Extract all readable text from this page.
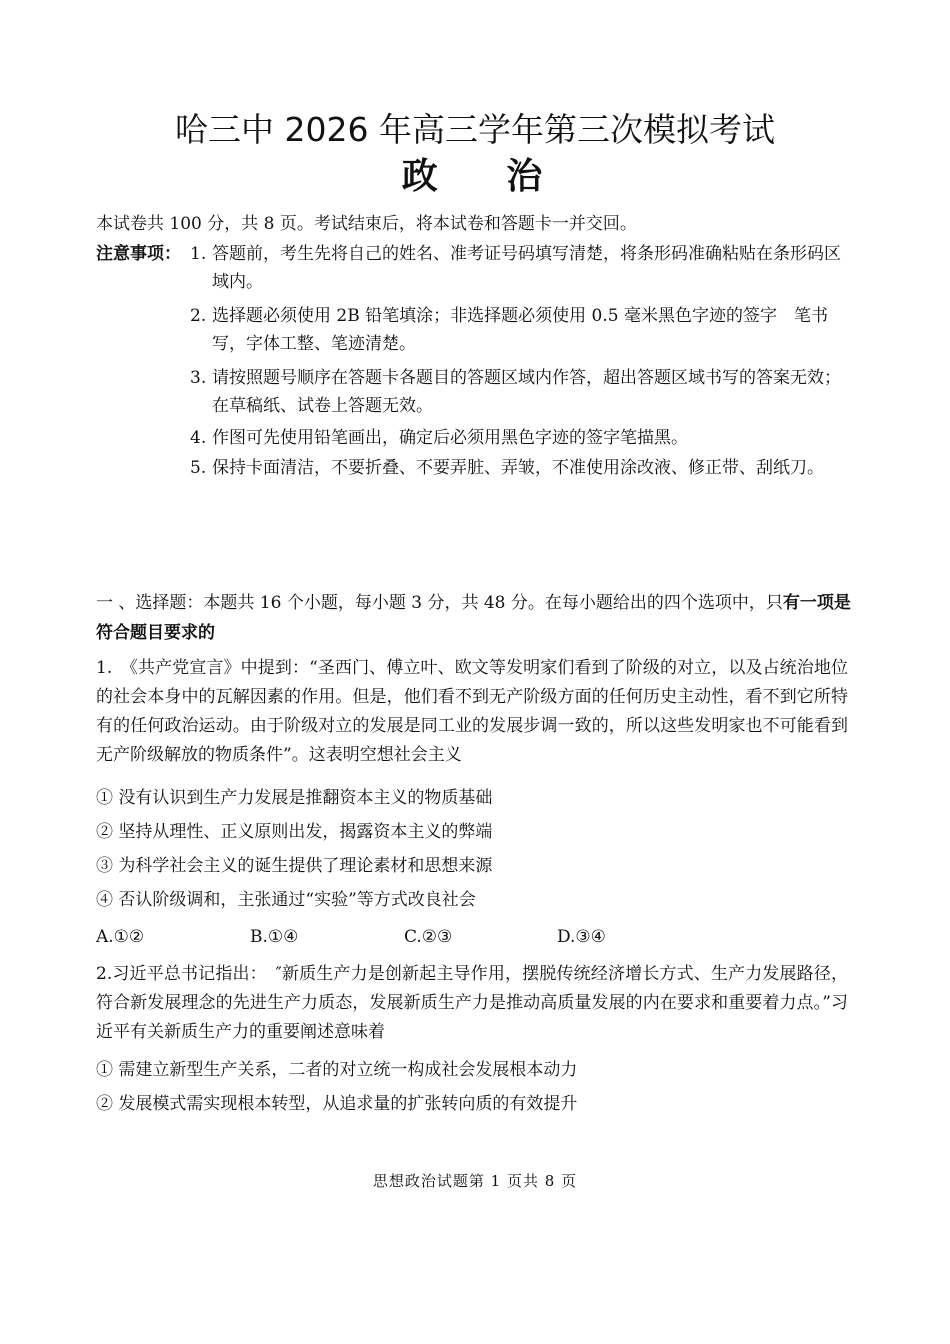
哈三中 2026 年高三学年第三次模拟考试
政 治
本试卷共 100 分，共 8 页。考试结束后，将本试卷和答题卡一并交回。
注意事项： 1. 答题前，考生先将自己的姓名、准考证号码填写清楚，将条形码准确粘贴在条形码区域内。
2. 选择题必须使用 2B 铅笔填涂；非选择题必须使用 0.5 毫米黑色字迹的签字　笔书写，字体工整、笔迹清楚。
3. 请按照题号顺序在答题卡各题目的答题区域内作答，超出答题区域书写的答案无效；在草稿纸、试卷上答题无效。
4. 作图可先使用铅笔画出，确定后必须用黑色字迹的签字笔描黑。
5. 保持卡面清洁，不要折叠、不要弄脏、弄皱，不准使用涂改液、修正带、刮纸刀。
一 、选择题：本题共 16 个小题，每小题 3 分，共 48 分。在每小题给出的四个选项中，只有一项是符合题目要求的
1.　《共产党宣言》中提到：“圣西门、傅立叶、欧文等发明家们看到了阶级的对立，以及占统治地位的社会本身中的瓦解因素的作用。但是，他们看不到无产阶级方面的任何历史主动性，看不到它所特有的任何政治运动。由于阶级对立的发展是同工业的发展步调一致的，所以这些发明家也不可能看到无产阶级解放的物质条件”。这表明空想社会主义
① 没有认识到生产力发展是推翻资本主义的物质基础
② 坚持从理性、正义原则出发，揭露资本主义的弊端
③ 为科学社会主义的诞生提供了理论素材和思想来源
④ 否认阶级调和，主张通过“实验”等方式改良社会
A.①②	B.①④	C.②③	D.③④
2.习近平总书记指出：　″新质生产力是创新起主导作用，摆脱传统经济增长方式、生产力发展路径，符合新发展理念的先进生产力质态，发展新质生产力是推动高质量发展的内在要求和重要着力点。”习近平有关新质生产力的重要阐述意味着
① 需建立新型生产关系，二者的对立统一构成社会发展根本动力
② 发展模式需实现根本转型，从追求量的扩张转向质的有效提升
思想政治试题第 1 页共 8 页
